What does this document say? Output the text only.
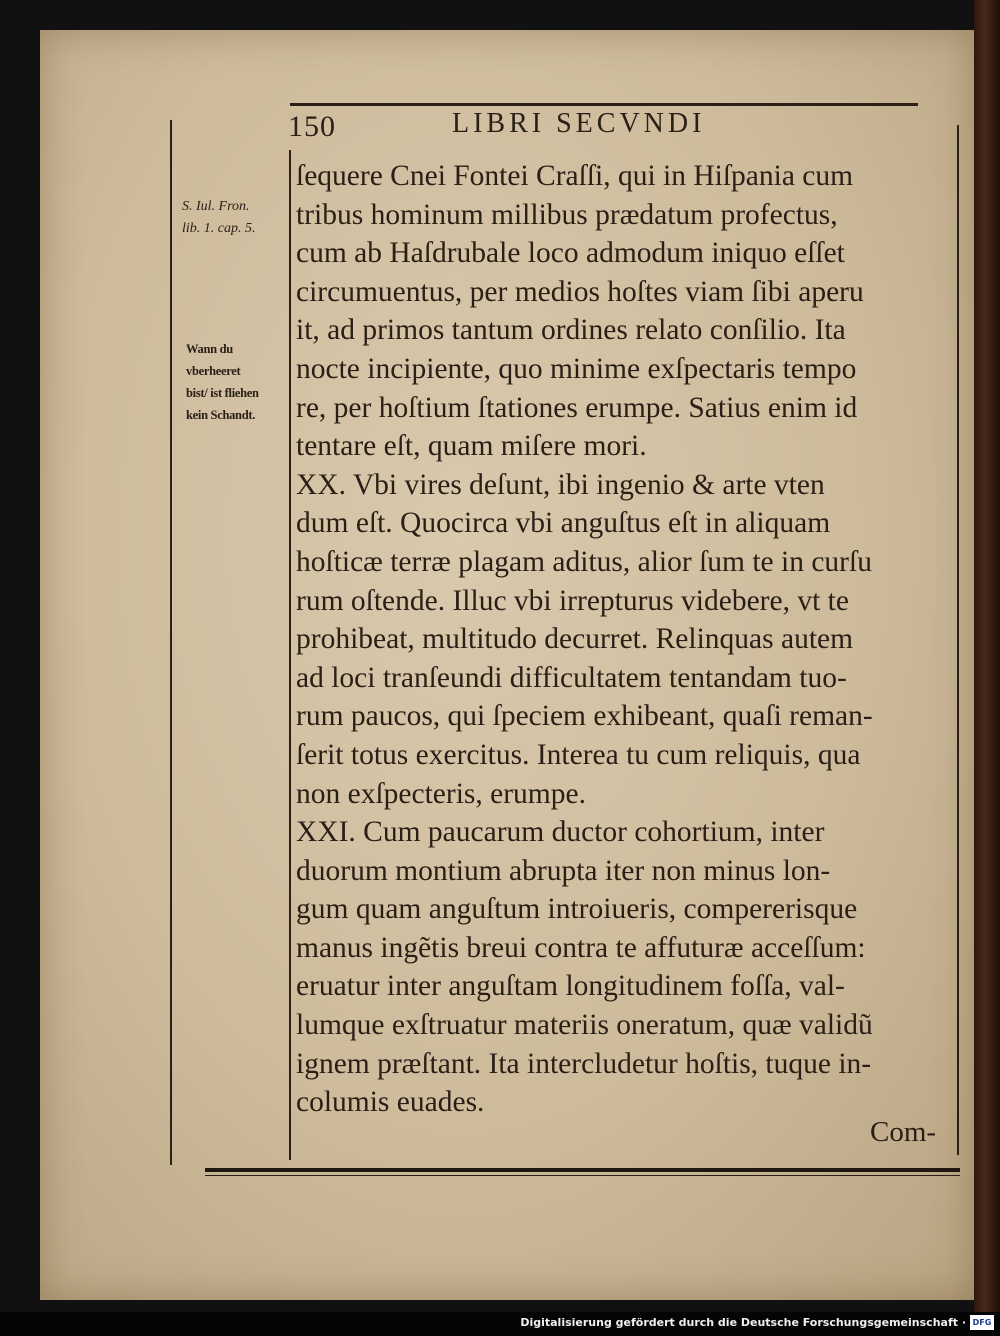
150	LIBRI SECVNDI
S. Iul. Fron.
lib. 1. cap. 5.
Wann du
vberheeret
bist/ ist fliehen
kein Schandt.
ſequere Cnei Fontei Craſſi, qui in Hiſpania cum
tribus hominum millibus prædatum profectus,
cum ab Haſdrubale loco admodum iniquo eſſet
circumuentus, per medios hoſtes viam ſibi aperu
it, ad primos tantum ordines relato conſilio. Ita
nocte incipiente, quo minime exſpectaris tempo
re, per hoſtium ſtationes erumpe. Satius enim id
tentare eſt, quam miſere mori.
XX. Vbi vires deſunt, ibi ingenio & arte vten
dum eſt. Quocirca vbi anguſtus eſt in aliquam
hoſticæ terræ plagam aditus, alior ſum te in curſu
rum oſtende. Illuc vbi irrepturus videbere, vt te
prohibeat, multitudo decurret. Relinquas autem
ad loci tranſeundi difficultatem tentandam tuo-
rum paucos, qui ſpeciem exhibeant, quaſi reman-
ſerit totus exercitus. Interea tu cum reliquis, qua
non exſpecteris, erumpe.
XXI. Cum paucarum ductor cohortium, inter
duorum montium abrupta iter non minus lon-
gum quam anguſtum introiueris, compererisque
manus ingẽtis breui contra te affuturæ acceſſum:
eruatur inter anguſtam longitudinem foſſa, val-
lumque exſtruatur materiis oneratum, quæ validũ
ignem præſtant. Ita intercludetur hoſtis, tuque in-
columis euades.
Com-
Digitalisierung gefördert durch die Deutsche Forschungsgemeinschaft · DFG
